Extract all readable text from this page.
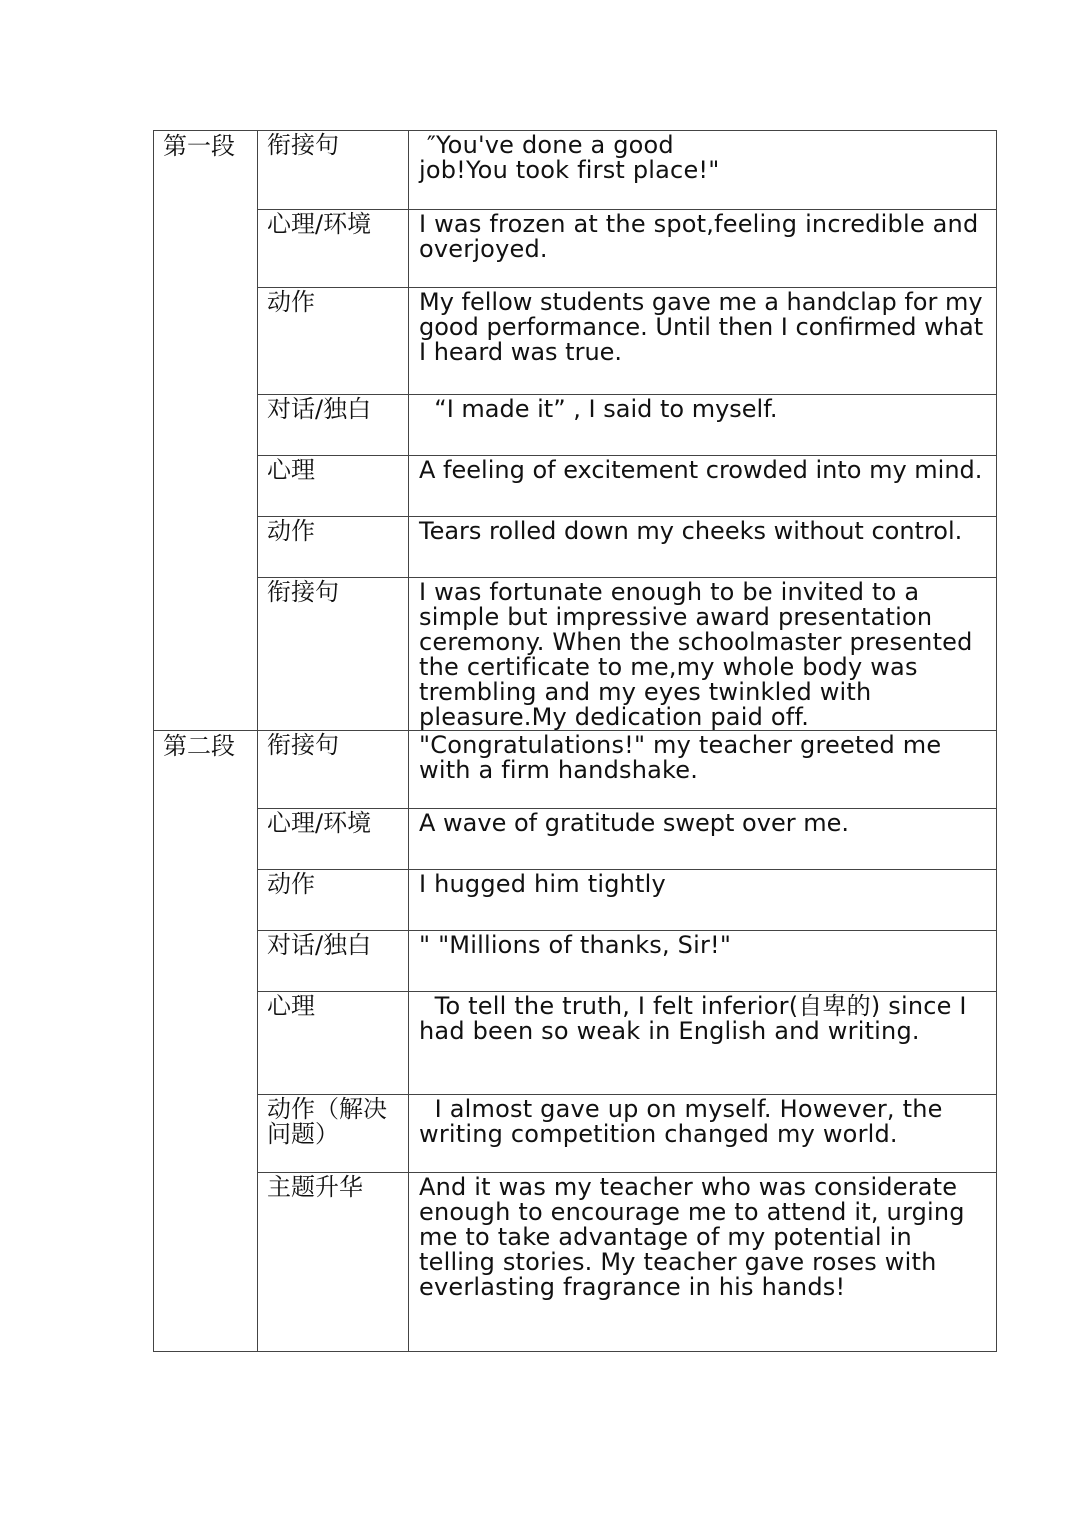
第一段	衔接句	″You've done a good
job!You took first place!"

	心理/环境	I was frozen at the spot,feeling incredible and overjoyed.

	动作	My fellow students gave me a handclap for my good performance. Until then I confirmed what I heard was true.

	对话/独白	“I made it” , I said to myself.

	心理	A feeling of excitement crowded into my mind.

	动作	Tears rolled down my cheeks without control.

	衔接句	I was fortunate enough to be invited to a simple but impressive award presentation ceremony. When the schoolmaster presented the certificate to me,my whole body was trembling and my eyes twinkled with pleasure.My dedication paid off.

第二段	衔接句	"Congratulations!" my teacher greeted me with a firm handshake.

	心理/环境	A wave of gratitude swept over me.

	动作	I hugged him tightly

	对话/独白	" "Millions of thanks, Sir!"

	心理	To tell the truth, I felt inferior(自卑的) since I had been so weak in English and writing.

	动作（解决问题）	I almost gave up on myself. However, the writing competition changed my world.

	主题升华	And it was my teacher who was considerate enough to encourage me to attend it, urging me to take advantage of my potential in telling stories. My teacher gave roses with everlasting fragrance in his hands!
